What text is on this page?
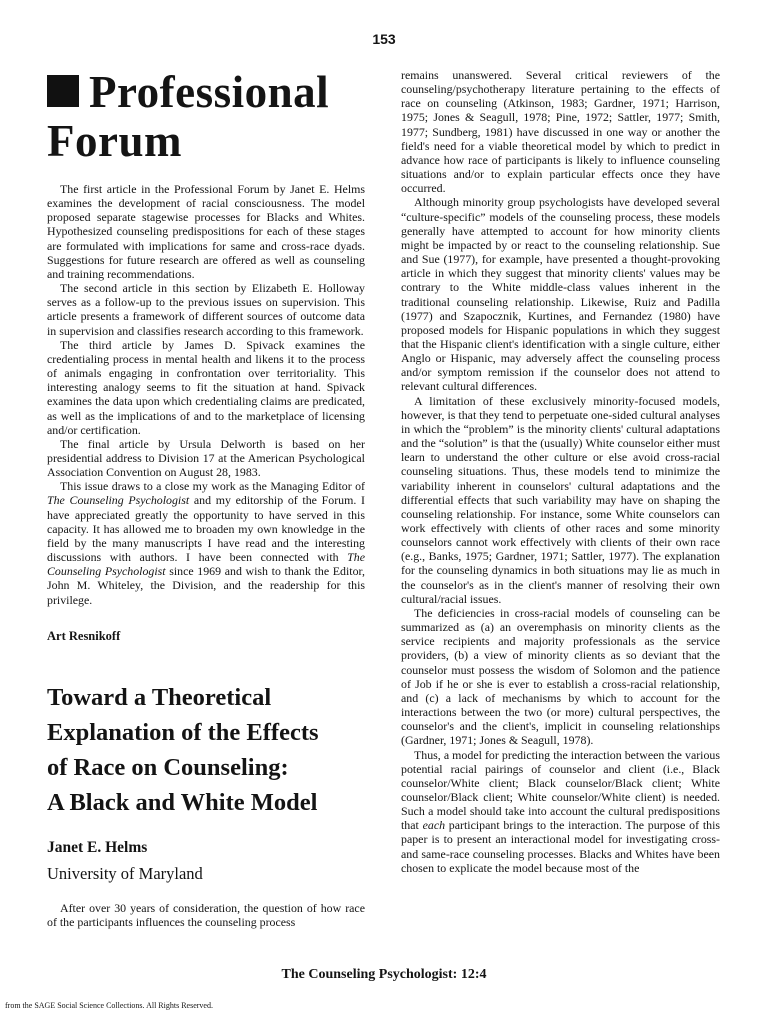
153
Professional
Forum

The first article in the Professional Forum by Janet E. Helms examines the development of racial consciousness. The model proposed separate stagewise processes for Blacks and Whites. Hypothesized counseling predispositions for each of these stages are formulated with implications for same and cross-race dyads. Suggestions for future research are offered as well as counseling and training recommendations.

The second article in this section by Elizabeth E. Holloway serves as a follow-up to the previous issues on supervision. This article presents a framework of different sources of outcome data in supervision and classifies research according to this framework.

The third article by James D. Spivack examines the credentialing process in mental health and likens it to the process of animals engaging in confrontation over territoriality. This interesting analogy seems to fit the situation at hand. Spivack examines the data upon which credentialing claims are predicated, as well as the implications of and to the marketplace of licensing and/or certification.

The final article by Ursula Delworth is based on her presidential address to Division 17 at the American Psychological Association Convention on August 28, 1983.

This issue draws to a close my work as the Managing Editor of The Counseling Psychologist and my editorship of the Forum. I have appreciated greatly the opportunity to have served in this capacity. It has allowed me to broaden my own knowledge in the field by the many manuscripts I have read and the interesting discussions with authors. I have been connected with The Counseling Psychologist since 1969 and wish to thank the Editor, John M. Whiteley, the Division, and the readership for this privilege.

Art Resnikoff
Toward a Theoretical
Explanation of the Effects
of Race on Counseling:
A Black and White Model
Janet E. Helms
University of Maryland

After over 30 years of consideration, the question of how race of the participants influences the counseling process

remains unanswered. Several critical reviewers of the counseling/psychotherapy literature pertaining to the effects of race on counseling (Atkinson, 1983; Gardner, 1971; Harrison, 1975; Jones & Seagull, 1978; Pine, 1972; Sattler, 1977; Smith, 1977; Sundberg, 1981) have discussed in one way or another the field's need for a viable theoretical model by which to predict in advance how race of participants is likely to influence counseling situations and/or to explain particular effects once they have occurred.

Although minority group psychologists have developed several “culture-specific” models of the counseling process, these models generally have attempted to account for how minority clients might be impacted by or react to the counseling relationship. Sue and Sue (1977), for example, have presented a thought-provoking article in which they suggest that minority clients' values may be contrary to the White middle-class values inherent in the traditional counseling relationship. Likewise, Ruiz and Padilla (1977) and Szapocznik, Kurtines, and Fernandez (1980) have proposed models for Hispanic populations in which they suggest that the Hispanic client's identification with a single culture, either Anglo or Hispanic, may adversely affect the counseling process and/or symptom remission if the counselor does not attend to relevant cultural differences.

A limitation of these exclusively minority-focused models, however, is that they tend to perpetuate one-sided cultural analyses in which the “problem” is the minority clients' cultural adaptations and the “solution” is that the (usually) White counselor either must learn to understand the other culture or else avoid cross-racial counseling situations. Thus, these models tend to minimize the variability inherent in counselors' cultural adaptations and the differential effects that such variability may have on shaping the counseling relationship. For instance, some White counselors can work effectively with clients of other races and some minority counselors cannot work effectively with clients of their own race (e.g., Banks, 1975; Gardner, 1971; Sattler, 1977). The explanation for the counseling dynamics in both situations may lie as much in the counselor's as in the client's manner of resolving their own cultural/racial issues.

The deficiencies in cross-racial models of counseling can be summarized as (a) an overemphasis on minority clients as the service recipients and majority professionals as the service providers, (b) a view of minority clients as so deviant that the counselor must possess the wisdom of Solomon and the patience of Job if he or she is ever to establish a cross-racial relationship, and (c) a lack of mechanisms by which to account for the interactions between the two (or more) cultural perspectives, the counselor's and the client's, implicit in counseling relationships (Gardner, 1971; Jones & Seagull, 1978).

Thus, a model for predicting the interaction between the various potential racial pairings of counselor and client (i.e., Black counselor/White client; Black counselor/Black client; White counselor/Black client; White counselor/White client) is needed. Such a model should take into account the cultural predispositions that each participant brings to the interaction. The purpose of this paper is to present an interactional model for investigating cross- and same-race counseling processes. Blacks and Whites have been chosen to explicate the model because most of the

The Counseling Psychologist: 12:4
from the SAGE Social Science Collections. All Rights Reserved.
